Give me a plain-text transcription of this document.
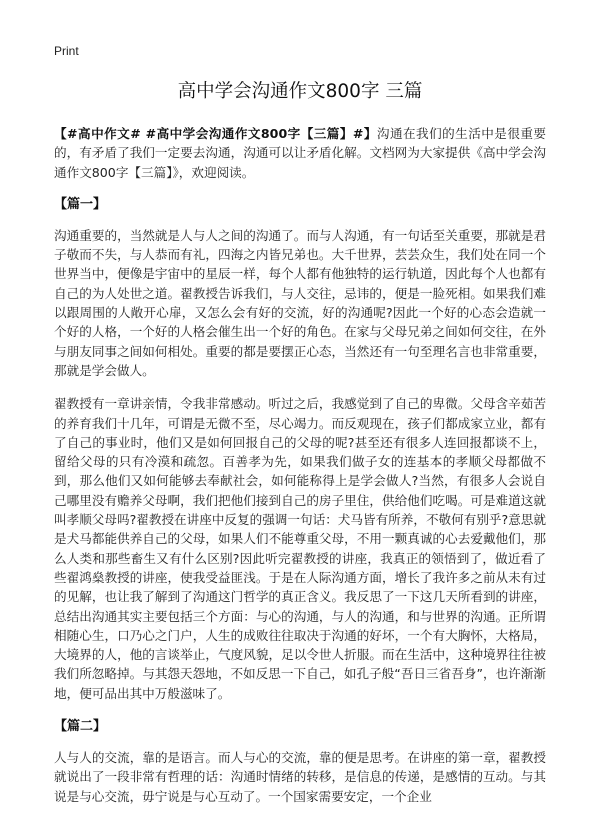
Print
高中学会沟通作文800字 三篇

【#高中作文# #高中学会沟通作文800字【三篇】#】沟通在我们的生活中是很重要的，有矛盾了我们一定要去沟通，沟通可以让矛盾化解。文档网为大家提供《高中学会沟通作文800字【三篇】》，欢迎阅读。

【篇一】

沟通重要的，当然就是人与人之间的沟通了。而与人沟通，有一句话至关重要，那就是君子敬而不失，与人恭而有礼，四海之内皆兄弟也。大千世界，芸芸众生，我们处在同一个世界当中，便像是宇宙中的星辰一样，每个人都有他独特的运行轨道，因此每个人也都有自己的为人处世之道。翟教授告诉我们，与人交往，忌讳的，便是一脸死相。如果我们难以跟周围的人敞开心扉，又怎么会有好的交流，好的沟通呢?因此一个好的心态会造就一个好的人格，一个好的人格会催生出一个好的角色。在家与父母兄弟之间如何交往，在外与朋友同事之间如何相处。重要的都是要摆正心态，当然还有一句至理名言也非常重要，那就是学会做人。

翟教授有一章讲亲情，令我非常感动。听过之后，我感觉到了自己的卑微。父母含辛茹苦的养育我们十几年，可谓是无微不至，尽心竭力。而反观现在，孩子们都成家立业，都有了自己的事业时，他们又是如何回报自己的父母的呢?甚至还有很多人连回报都谈不上，留给父母的只有冷漠和疏忽。百善孝为先，如果我们做子女的连基本的孝顺父母都做不到，那么他们又如何能够去奉献社会，如何能称得上是学会做人?当然，有很多人会说自己哪里没有赡养父母啊，我们把他们接到自己的房子里住，供给他们吃喝。可是难道这就叫孝顺父母吗?翟教授在讲座中反复的强调一句话：犬马皆有所养，不敬何有别乎?意思就是犬马都能供养自己的父母，如果人们不能尊重父母，不用一颗真诚的心去爱戴他们，那么人类和那些畜生又有什么区别?因此听完翟教授的讲座，我真正的领悟到了，做近看了些翟鸿燊教授的讲座，使我受益匪浅。于是在人际沟通方面，增长了我许多之前从未有过的见解，也让我了解到了沟通这门哲学的真正含义。我反思了一下这几天所看到的讲座，总结出沟通其实主要包括三个方面：与心的沟通，与人的沟通，和与世界的沟通。正所谓相随心生，口乃心之门户，人生的成败往往取决于沟通的好坏，一个有大胸怀，大格局，大境界的人，他的言谈举止，气度风貌，足以令世人折服。而在生活中，这种境界往往被我们所忽略掉。与其怨天怨地，不如反思一下自己，如孔子般“吾日三省吾身”，也许渐渐地，便可品出其中万般滋味了。

【篇二】

人与人的交流，靠的是语言。而人与心的交流，靠的便是思考。在讲座的第一章，翟教授就说出了一段非常有哲理的话：沟通时情绪的转移，是信息的传递，是感情的互动。与其说是与心交流，毋宁说是与心互动了。一个国家需要安定，一个企业
